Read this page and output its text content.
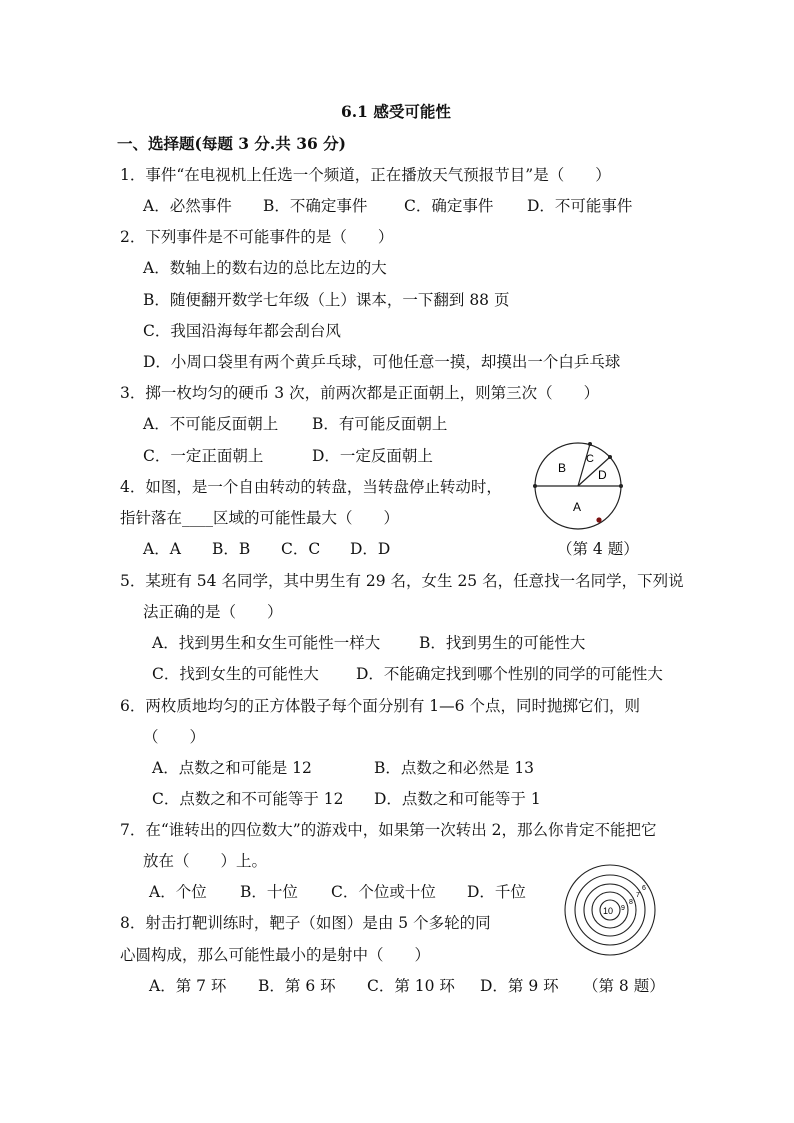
6.1 感受可能性
一、选择题(每题 3 分.共 36 分)
1．事件“在电视机上任选一个频道，正在播放天气预报节目”是（　　）
A．必然事件 B．不确定事件 C．确定事件 D．不可能事件
2．下列事件是不可能事件的是（　　）
A．数轴上的数右边的总比左边的大
B．随便翻开数学七年级（上）课本，一下翻到 88 页
C．我国沿海每年都会刮台风
D．小周口袋里有两个黄乒乓球，可他任意一摸，却摸出一个白乒乓球
3．掷一枚均匀的硬币 3 次，前两次都是正面朝上，则第三次（　　）
A．不可能反面朝上 B．有可能反面朝上
C．一定正面朝上	D．一定反面朝上
4．如图，是一个自由转动的转盘，当转盘停止转动时，
指针落在____区域的可能性最大（　　）
A．A B．B C．C D．D	（第 4 题）
A
B
C
D
5．某班有 54 名同学，其中男生有 29 名，女生 25 名，任意找一名同学，下列说
法正确的是（　　）
A．找到男生和女生可能性一样大	B．找到男生的可能性大
C．找到女生的可能性大 D．不能确定找到哪个性别的同学的可能性大
6．两枚质地均匀的正方体骰子每个面分别有 1—6 个点，同时抛掷它们，则
（　　）
A．点数之和可能是 12	B．点数之和必然是 13
C．点数之和不可能等于 12 D．点数之和可能等于 1
7．在“谁转出的四位数大”的游戏中，如果第一次转出 2，那么你肯定不能把它
放在（　　）上。
A．个位 B．十位 C．个位或十位 D．千位
8．射击打靶训练时，靶子（如图）是由 5 个多轮的同
心圆构成，那么可能性最小的是射中（　　）
A．第 7 环 B．第 6 环 C．第 10 环 D．第 9 环 （第 8 题）
10 9
8
7
6
